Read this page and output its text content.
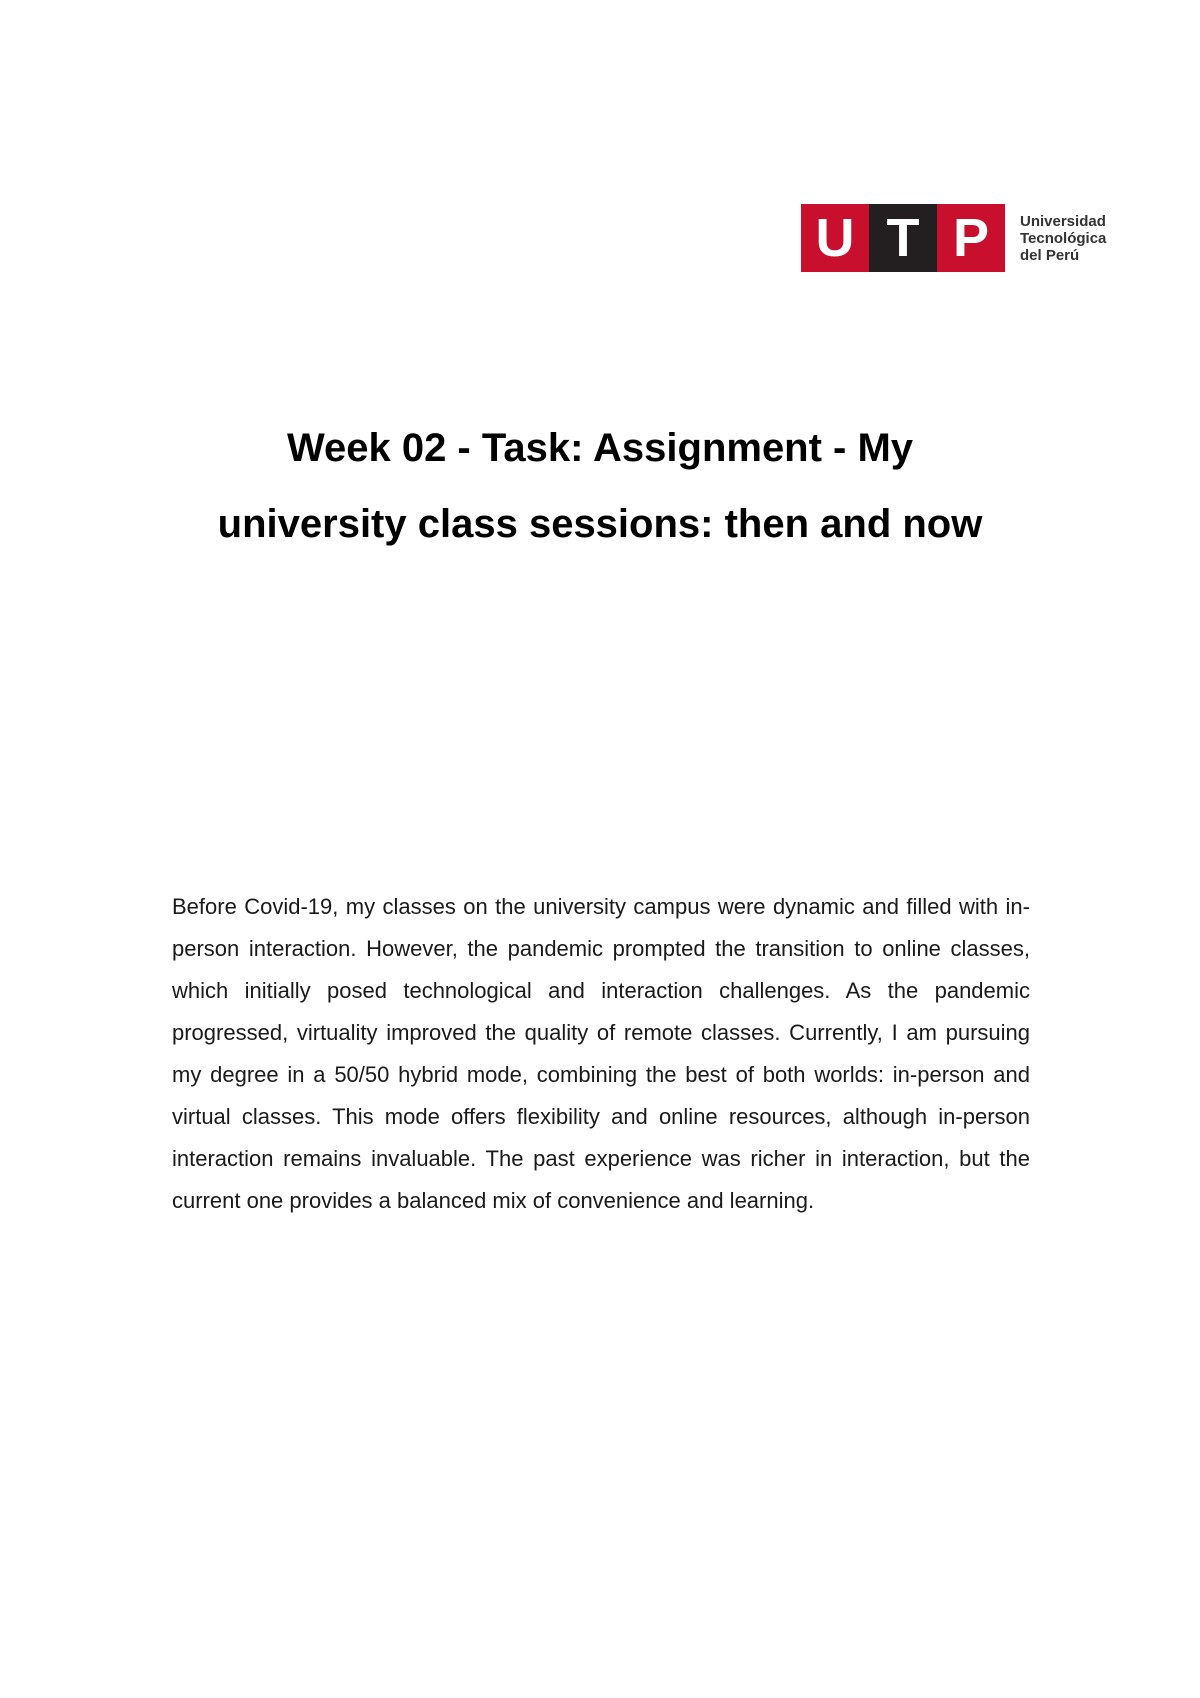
U T P	Universidad
Tecnológica
del Perú
Week 02 - Task: Assignment - My
university class sessions: then and now

Before Covid-19, my classes on the university campus were dynamic and filled with in-person interaction. However, the pandemic prompted the transition to online classes, which initially posed technological and interaction challenges. As the pandemic progressed, virtuality improved the quality of remote classes. Currently, I am pursuing my degree in a 50/50 hybrid mode, combining the best of both worlds: in-person and virtual classes. This mode offers flexibility and online resources, although in-person interaction remains invaluable. The past experience was richer in interaction, but the current one provides a balanced mix of convenience and learning.
